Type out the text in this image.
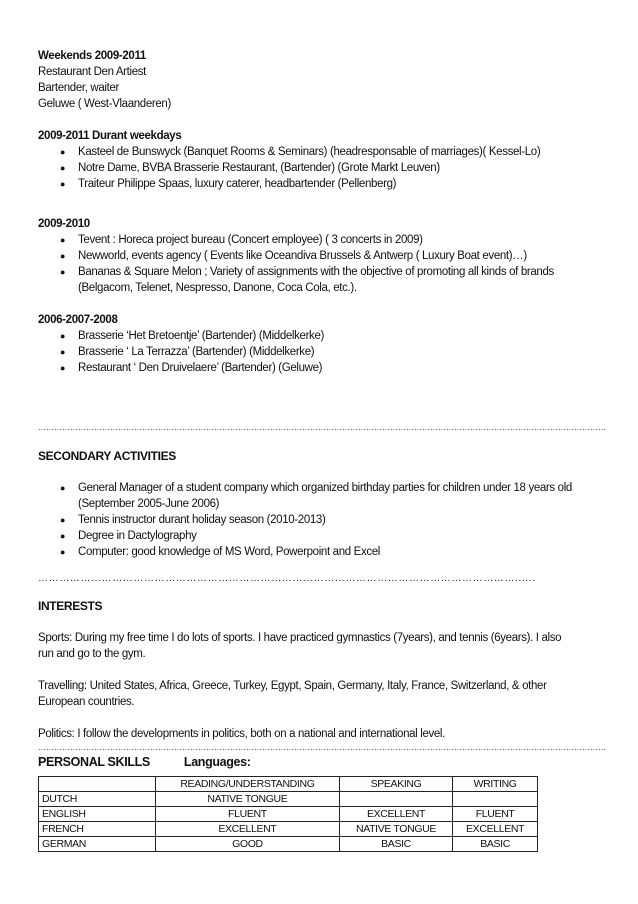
Weekends 2009-2011
Restaurant Den Artiest
Bartender, waiter
Geluwe ( West-Vlaanderen)
2009-2011 Durant weekdays
● Kasteel de Bunswyck (Banquet Rooms & Seminars) (headresponsable of marriages)( Kessel-Lo)
● Notre Dame, BVBA Brasserie Restaurant, (Bartender) (Grote Markt Leuven)
● Traiteur Philippe Spaas, luxury caterer, headbartender (Pellenberg)
2009-2010
● Tevent : Horeca project bureau (Concert employee) ( 3 concerts in 2009)
● Newworld, events agency ( Events like Oceandiva Brussels & Antwerp ( Luxury Boat event)…)
● Bananas & Square Melon ; Variety of assignments with the objective of promoting all kinds of brands
(Belgacom, Telenet, Nespresso, Danone, Coca Cola, etc.).
2006-2007-2008
● Brasserie ‘Het Bretoentje’ (Bartender) (Middelkerke)
● Brasserie ‘ La Terrazza’ (Bartender) (Middelkerke)
● Restaurant ‘ Den Druivelaere’ (Bartender) (Geluwe)
……………………………………………………………………………………………………………………………………………………………………………………………
SECONDARY ACTIVITIES
● General Manager of a student company which organized birthday parties for children under 18 years old
(September 2005-June 2006)
● Tennis instructor durant holiday season (2010-2013)
● Degree in Dactylography
● Computer: good knowledge of MS Word, Powerpoint and Excel
………………………………………………………………………………………………………………………..….
INTERESTS
Sports: During my free time I do lots of sports. I have practiced gymnastics (7years), and tennis (6years). I also run and go to the gym.
Travelling: United States, Africa, Greece, Turkey, Egypt, Spain, Germany, Italy, France, Switzerland, & other European countries.
Politics: I follow the developments in politics, both on a national and international level.
……………………………………………………………………………………………………………………………………………………………………………………………
PERSONAL SKILLS	Languages:
	READING/UNDERSTANDING	SPEAKING	WRITING
DUTCH	NATIVE TONGUE		
ENGLISH	FLUENT	EXCELLENT	FLUENT
FRENCH	EXCELLENT	NATIVE TONGUE	EXCELLENT
GERMAN	GOOD	BASIC	BASIC
